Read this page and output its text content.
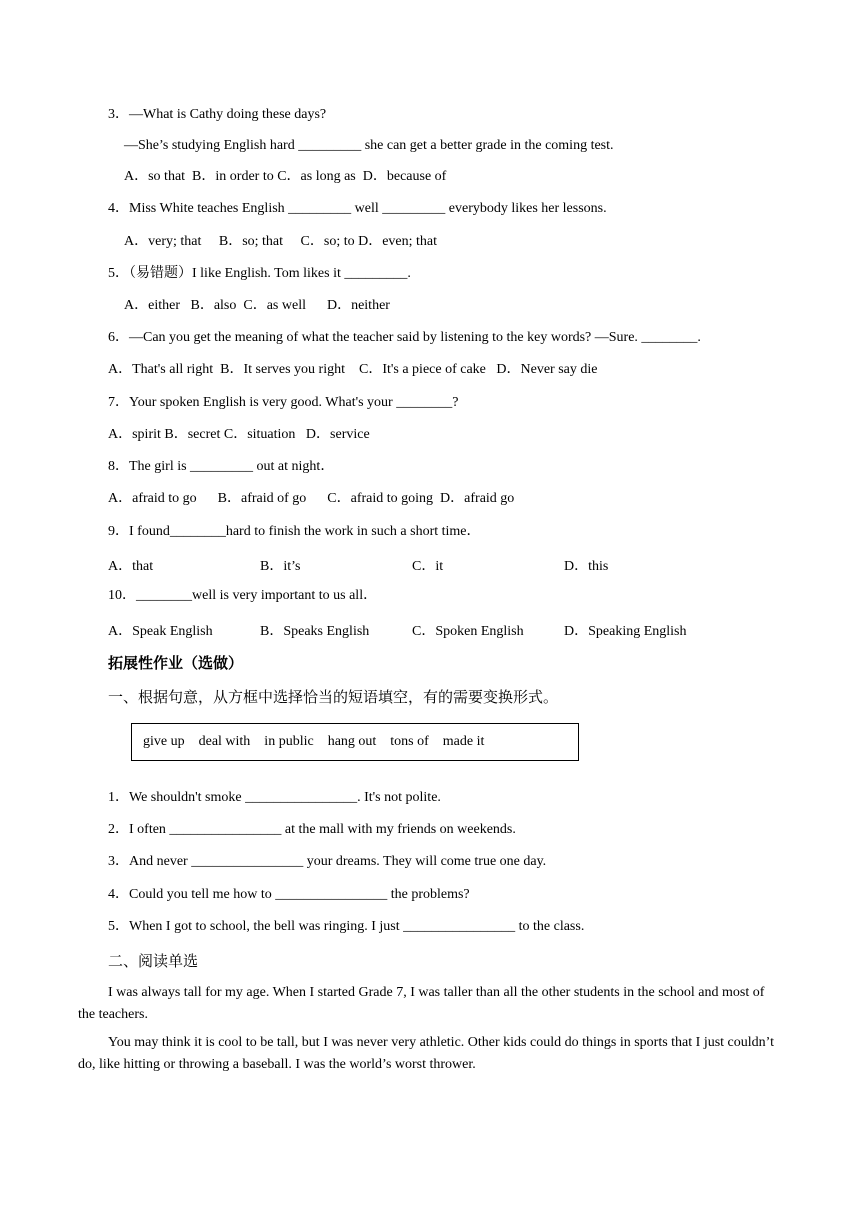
3．—What is Cathy doing these days?
—She’s studying English hard _________ she can get a better grade in the coming test.
A．so that  B．in order to C．as long as  D．because of
4．Miss White teaches English _________ well _________ everybody likes her lessons.
A．very; that     B．so; that     C．so; to D．even; that
5．（易错题）I like English. Tom likes it _________.
A．either   B．also  C．as well      D．neither
6．—Can you get the meaning of what the teacher said by listening to the key words? —Sure. ________.
A．That's all right  B．It serves you right    C．It's a piece of cake   D．Never say die
7．Your spoken English is very good. What's your ________?
A．spirit B．secret C．situation   D．service
8．The girl is _________ out at night．
A．afraid to go      B．afraid of go      C．afraid to going  D．afraid go
9．I found________hard to finish the work in such a short time．
A．that	B．it’s	C．it	D．this
10．________well is very important to us all．
A．Speak English	B．Speaks English	C．Spoken English	D．Speaking English
拓展性作业（选做）
一、根据句意，从方框中选择恰当的短语填空，有的需要变换形式。
give up    deal with    in public    hang out    tons of    made it
1．We shouldn't smoke ________________. It's not polite.
2．I often ________________ at the mall with my friends on weekends.
3．And never ________________ your dreams. They will come true one day.
4．Could you tell me how to ________________ the problems?
5．When I got to school, the bell was ringing. I just ________________ to the class.
二、阅读单选
I was always tall for my age. When I started Grade 7, I was taller than all the other students in the school and most of the teachers.
You may think it is cool to be tall, but I was never very athletic. Other kids could do things in sports that I just couldn’t do, like hitting or throwing a baseball. I was the world’s worst thrower.
